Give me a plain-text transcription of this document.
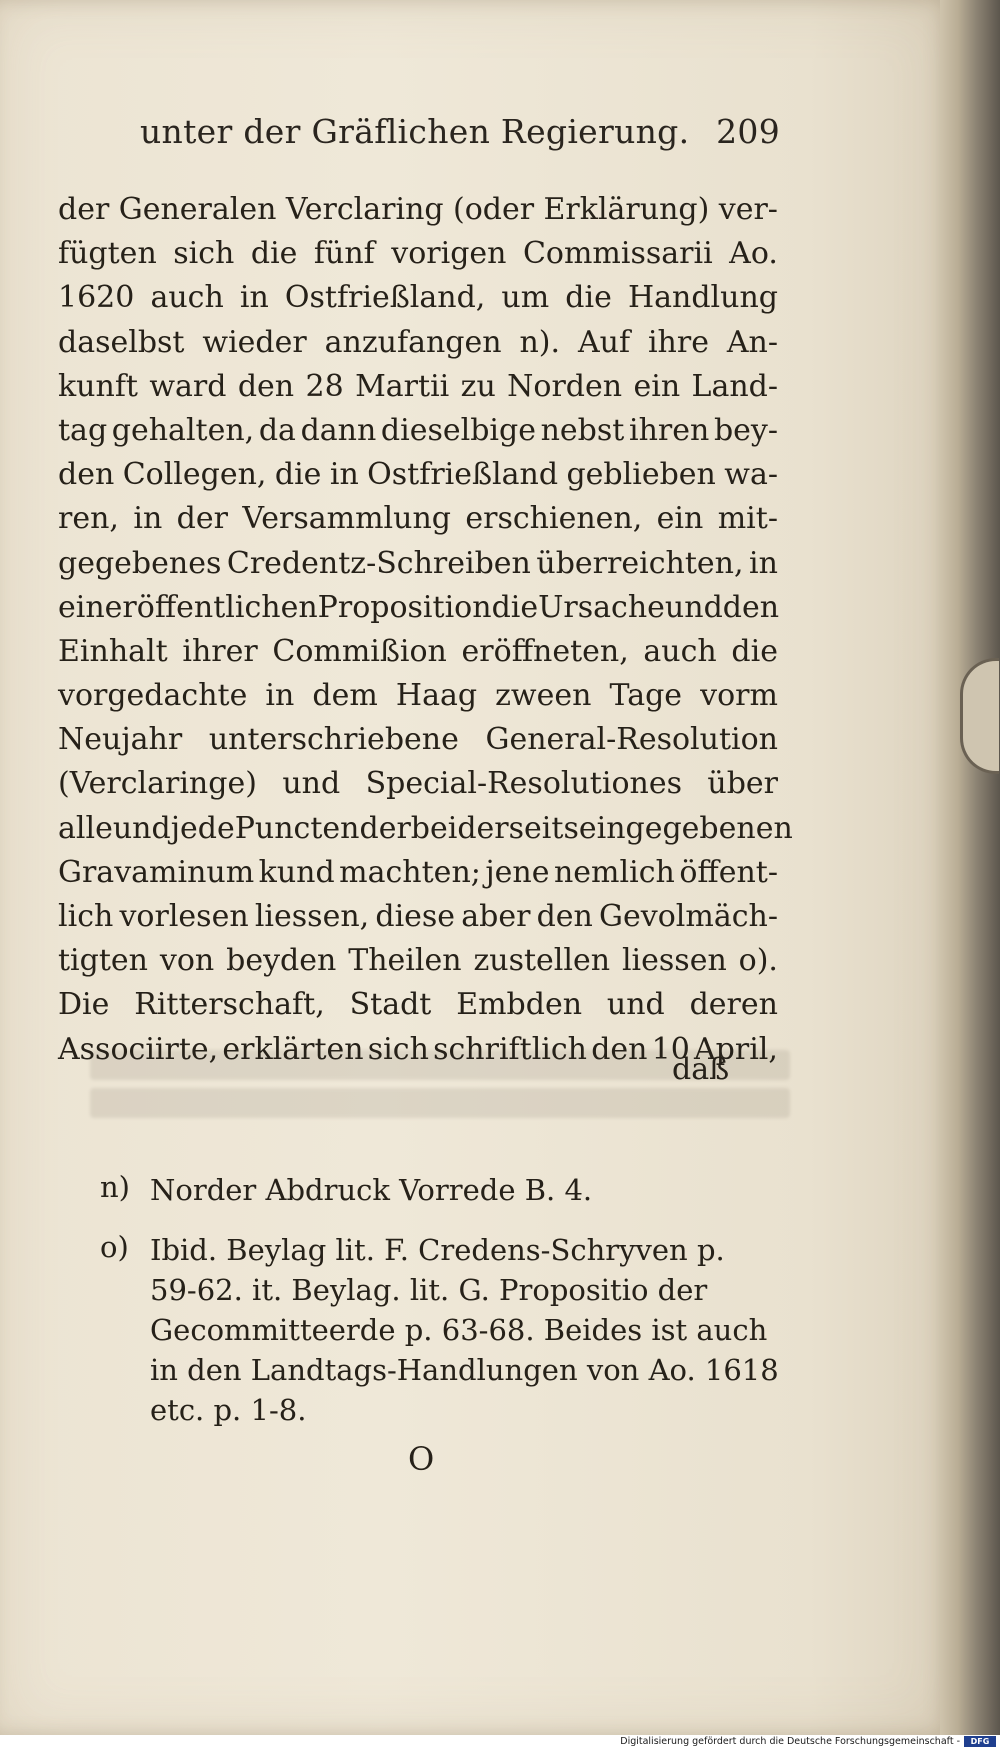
unter der Gräflichen Regierung. 209
der Generalen Verclaring (oder Erklärung) ver-
fügten sich die fünf vorigen Commissarii Ao.
1620 auch in Ostfrießland, um die Handlung
daselbst wieder anzufangen n). Auf ihre An-
kunft ward den 28 Martii zu Norden ein Land-
tag gehalten, da dann dieselbige nebst ihren bey-
den Collegen, die in Ostfrießland geblieben wa-
ren, in der Versammlung erschienen, ein mit-
gegebenes Credentz-Schreiben überreichten, in
einer öffentlichen Proposition die Ursache und den
Einhalt ihrer Commißion eröffneten, auch die
vorgedachte in dem Haag zween Tage vorm
Neujahr unterschriebene General-Resolution
(Verclaringe) und Special-Resolutiones über
alle und jede Puncten der beiderseits eingegebenen
Gravaminum kund machten; jene nemlich öffent-
lich vorlesen liessen, diese aber den Gevolmäch-
tigten von beyden Theilen zustellen liessen o).
Die Ritterschaft, Stadt Embden und deren
Associirte, erklärten sich schriftlich den 10 April,
daß
n) Norder Abdruck Vorrede B. 4.
o) Ibid. Beylag lit. F. Credens-Schryven p.
59-62. it. Beylag. lit. G. Propositio der
Gecommitteerde p. 63-68. Beides ist auch
in den Landtags-Handlungen von Ao. 1618
etc. p. 1-8.
O
Digitalisierung gefördert durch die Deutsche Forschungsgemeinschaft -	DFG
